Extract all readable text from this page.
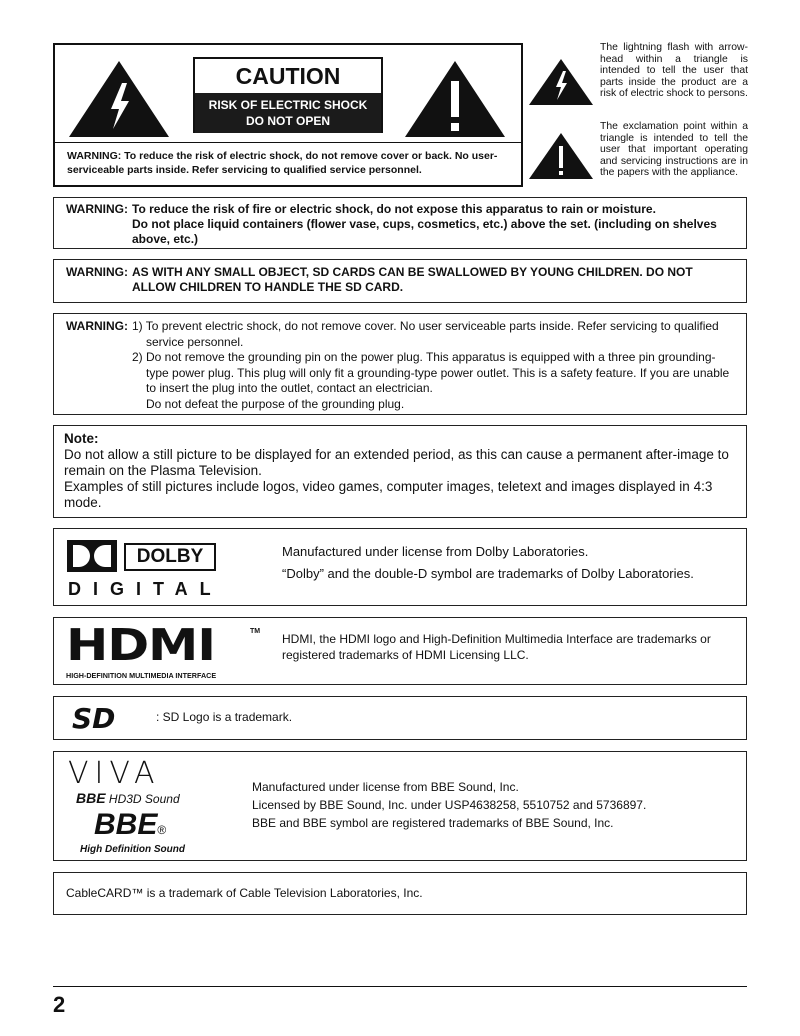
CAUTION
RISK OF ELECTRIC SHOCK
DO NOT OPEN
WARNING: To reduce the risk of electric shock, do not remove cover or back. No user-serviceable parts inside. Refer servicing to qualified service personnel.
The lightning flash with arrow-head within a triangle is intended to tell the user that parts inside the product are a risk of electric shock to persons.
The exclamation point within a triangle is intended to tell the user that important operating and servicing instructions are in the papers with the appliance.
WARNING: To reduce the risk of fire or electric shock, do not expose this apparatus to rain or moisture.
Do not place liquid containers (flower vase, cups, cosmetics, etc.) above the set. (including on shelves above, etc.)
WARNING: AS WITH ANY SMALL OBJECT, SD CARDS CAN BE SWALLOWED BY YOUNG CHILDREN. DO NOT ALLOW CHILDREN TO HANDLE THE SD CARD.
WARNING: 1) To prevent electric shock, do not remove cover. No user serviceable parts inside. Refer servicing to qualified service personnel.
2) Do not remove the grounding pin on the power plug. This apparatus is equipped with a three pin grounding-type power plug. This plug will only fit a grounding-type power outlet. This is a safety feature. If you are unable to insert the plug into the outlet, contact an electrician.
Do not defeat the purpose of the grounding plug.
Note:
Do not allow a still picture to be displayed for an extended period, as this can cause a permanent after-image to remain on the Plasma Television.
Examples of still pictures include logos, video games, computer images, teletext and images displayed in 4:3 mode.
DOLBY
DIGITAL
Manufactured under license from Dolby Laboratories.
“Dolby” and the double-D symbol are trademarks of Dolby Laboratories.
HDMI	TM
HIGH-DEFINITION MULTIMEDIA INTERFACE
HDMI, the HDMI logo and High-Definition Multimedia Interface are trademarks or registered trademarks of HDMI Licensing LLC.
SD	: SD Logo is a trademark.
VIVA
BBE HD3D Sound
BBE®
High Definition Sound
Manufactured under license from BBE Sound, Inc.
Licensed by BBE Sound, Inc. under USP4638258, 5510752 and 5736897.
BBE and BBE symbol are registered trademarks of BBE Sound, Inc.
CableCARD™ is a trademark of Cable Television Laboratories, Inc.
2
